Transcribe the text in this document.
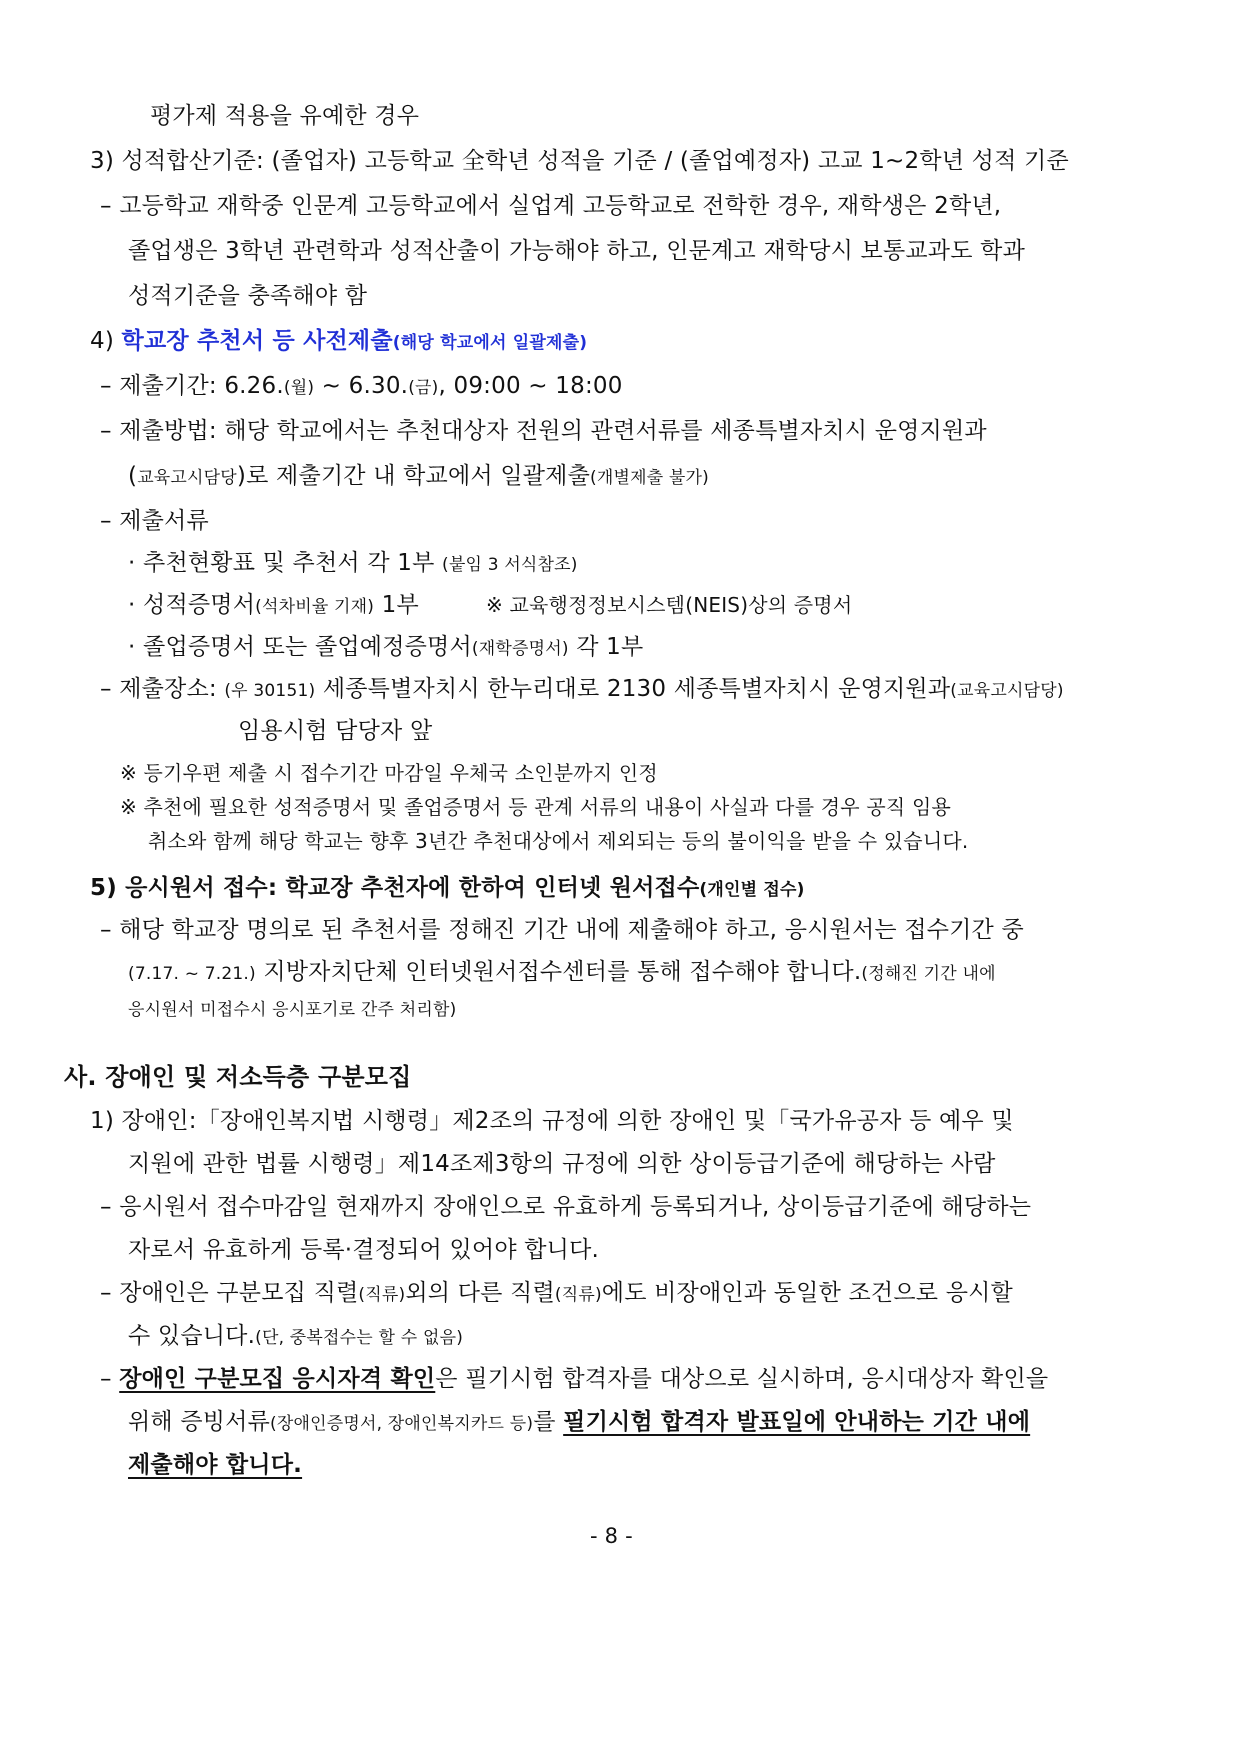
평가제 적용을 유예한 경우
3) 성적합산기준: (졸업자) 고등학교 全학년 성적을 기준 / (졸업예정자) 고교 1~2학년 성적 기준
– 고등학교 재학중 인문계 고등학교에서 실업계 고등학교로 전학한 경우, 재학생은 2학년,
졸업생은 3학년 관련학과 성적산출이 가능해야 하고, 인문계고 재학당시 보통교과도 학과
성적기준을 충족해야 함
4) 학교장 추천서 등 사전제출(해당 학교에서 일괄제출)
– 제출기간: 6.26.(월) ~ 6.30.(금), 09:00 ~ 18:00
– 제출방법: 해당 학교에서는 추천대상자 전원의 관련서류를 세종특별자치시 운영지원과
(교육고시담당)로 제출기간 내 학교에서 일괄제출(개별제출 불가)
– 제출서류
· 추천현황표 및 추천서 각 1부 (붙임 3 서식참조)
· 성적증명서(석차비율 기재) 1부	※ 교육행정정보시스템(NEIS)상의 증명서
· 졸업증명서 또는 졸업예정증명서(재학증명서) 각 1부
– 제출장소: (우 30151) 세종특별자치시 한누리대로 2130 세종특별자치시 운영지원과(교육고시담당)
임용시험 담당자 앞
※ 등기우편 제출 시 접수기간 마감일 우체국 소인분까지 인정
※ 추천에 필요한 성적증명서 및 졸업증명서 등 관계 서류의 내용이 사실과 다를 경우 공직 임용
취소와 함께 해당 학교는 향후 3년간 추천대상에서 제외되는 등의 불이익을 받을 수 있습니다.
5) 응시원서 접수: 학교장 추천자에 한하여 인터넷 원서접수(개인별 접수)
– 해당 학교장 명의로 된 추천서를 정해진 기간 내에 제출해야 하고, 응시원서는 접수기간 중
(7.17. ~ 7.21.) 지방자치단체 인터넷원서접수센터를 통해 접수해야 합니다.(정해진 기간 내에
응시원서 미접수시 응시포기로 간주 처리함)
사. 장애인 및 저소득층 구분모집
1) 장애인:「장애인복지법 시행령」제2조의 규정에 의한 장애인 및「국가유공자 등 예우 및
지원에 관한 법률 시행령」제14조제3항의 규정에 의한 상이등급기준에 해당하는 사람
– 응시원서 접수마감일 현재까지 장애인으로 유효하게 등록되거나, 상이등급기준에 해당하는
자로서 유효하게 등록·결정되어 있어야 합니다.
– 장애인은 구분모집 직렬(직류)외의 다른 직렬(직류)에도 비장애인과 동일한 조건으로 응시할
수 있습니다.(단, 중복접수는 할 수 없음)
– 장애인 구분모집 응시자격 확인은 필기시험 합격자를 대상으로 실시하며, 응시대상자 확인을
위해 증빙서류(장애인증명서, 장애인복지카드 등)를 필기시험 합격자 발표일에 안내하는 기간 내에
제출해야 합니다.
- 8 -
